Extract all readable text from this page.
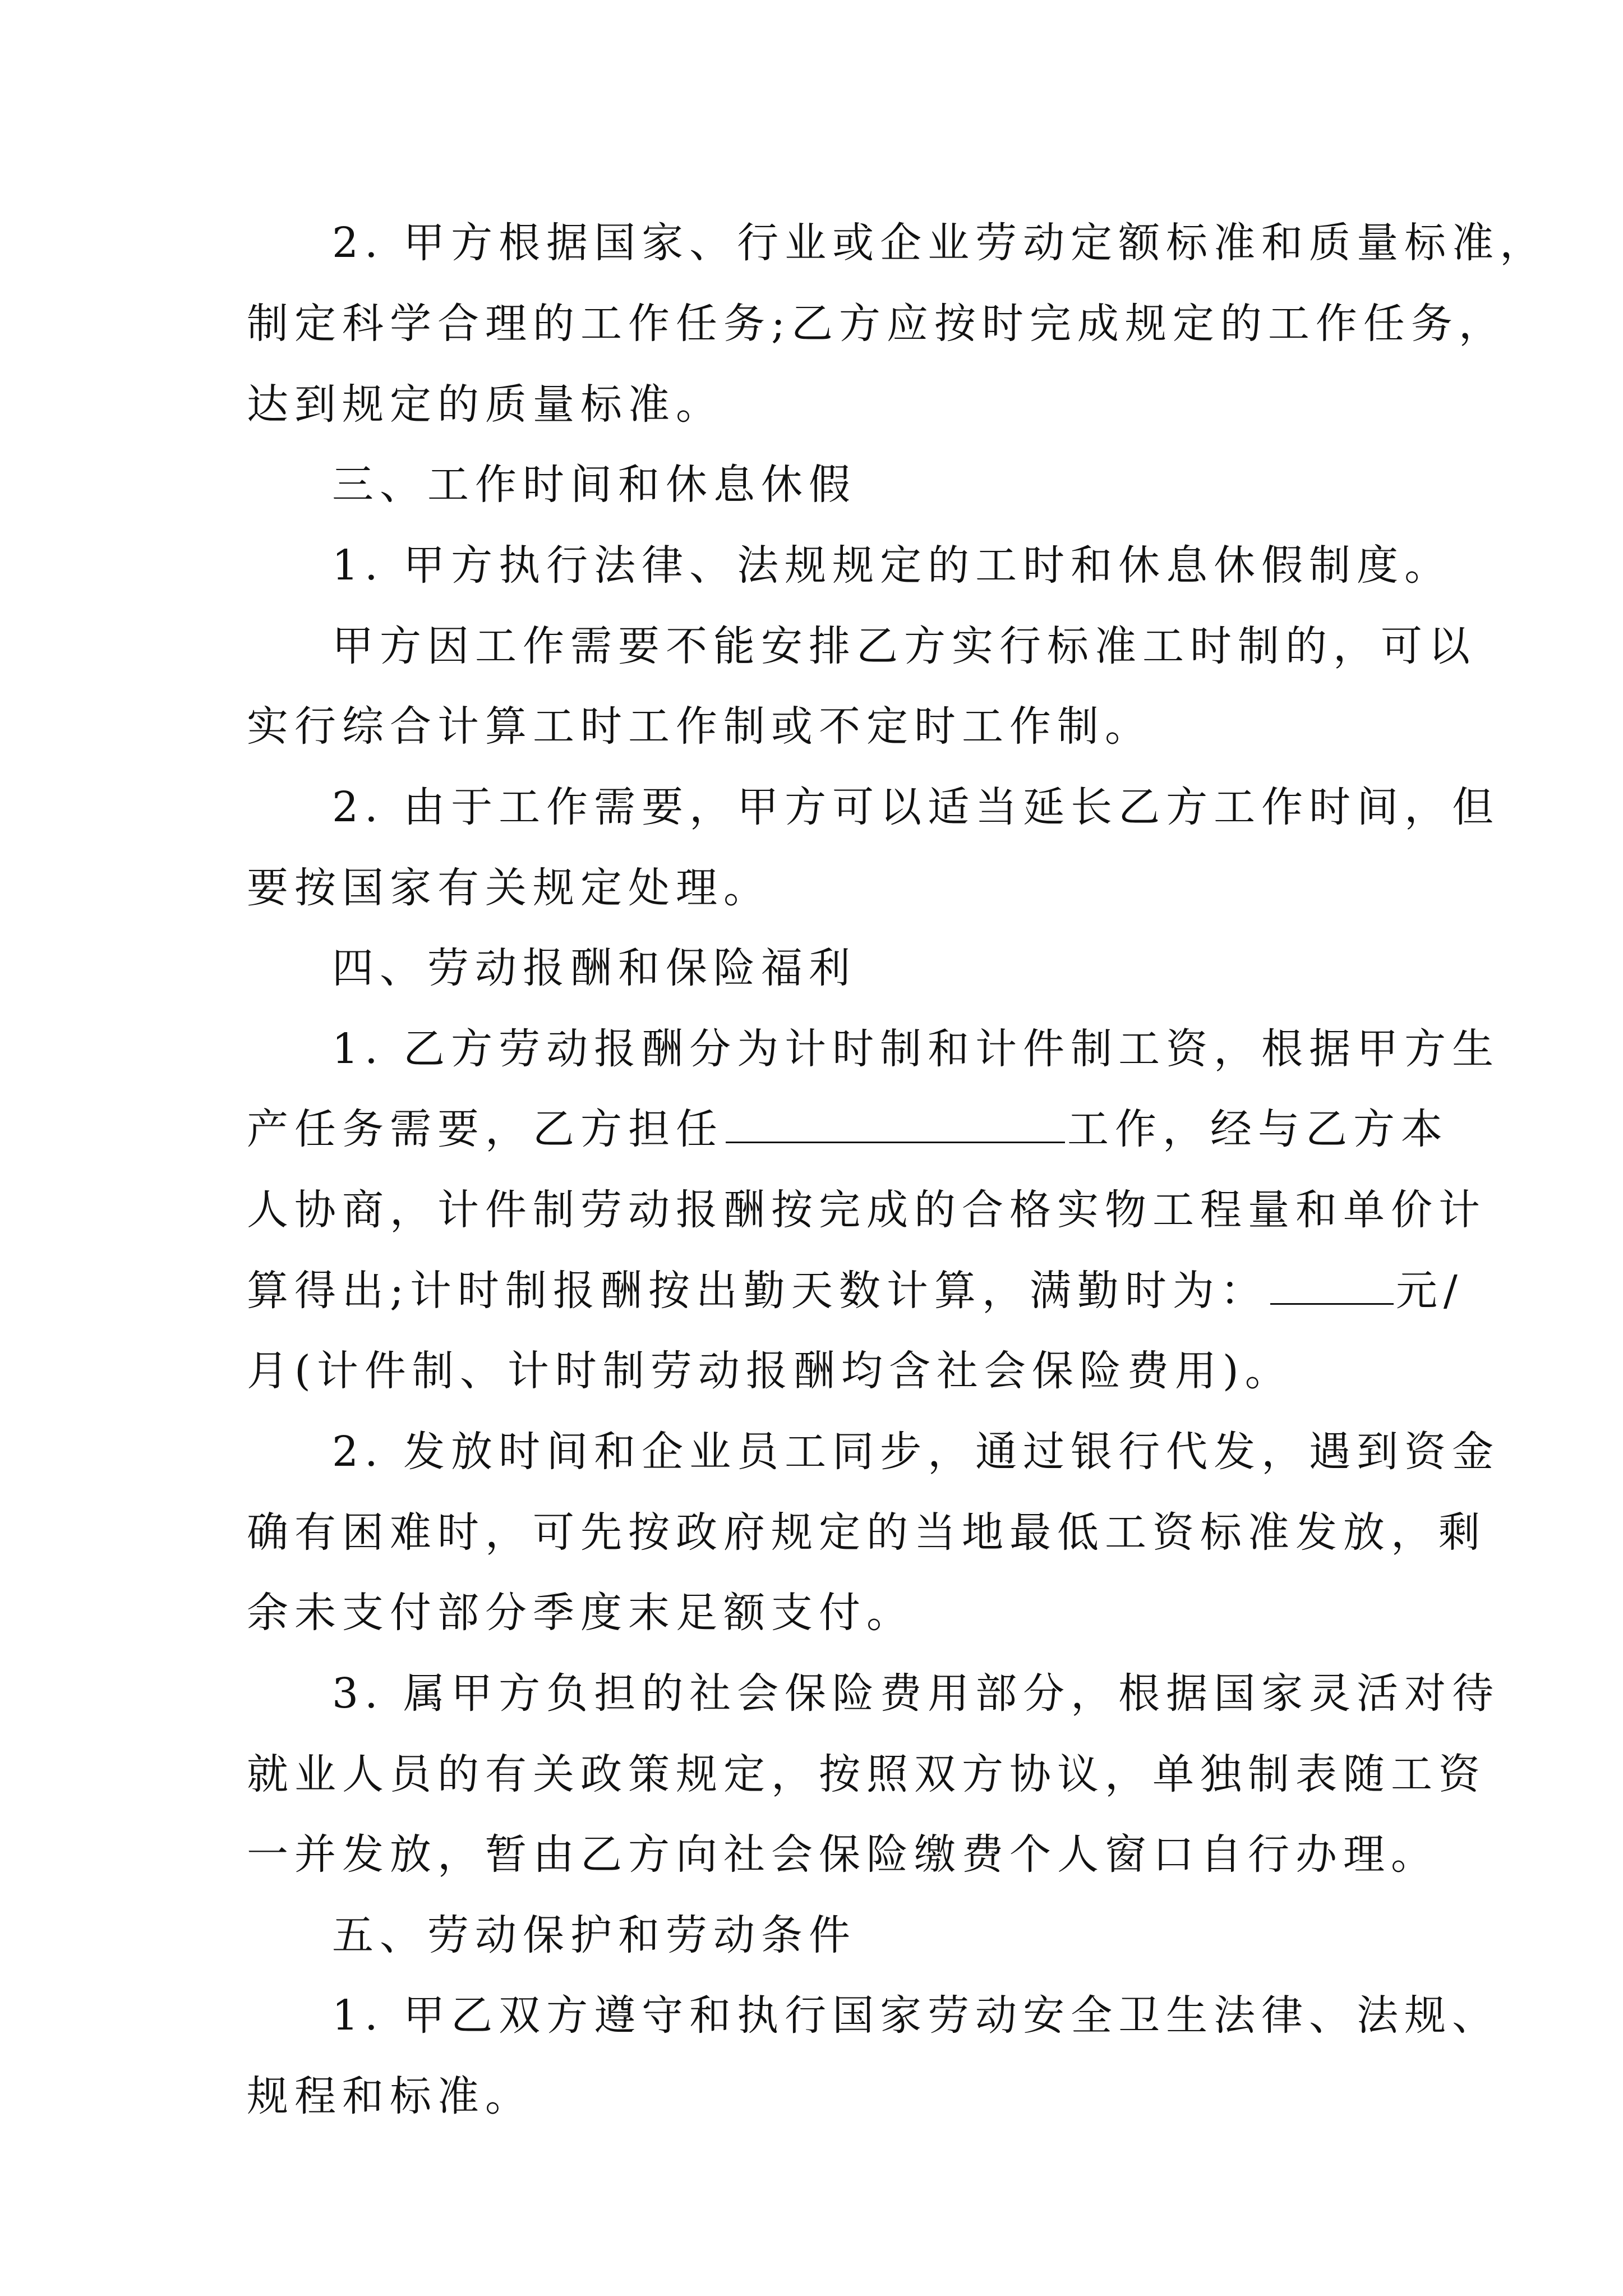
2. 甲方根据国家、行业或企业劳动定额标准和质量标准，
制定科学合理的工作任务;乙方应按时完成规定的工作任务，
达到规定的质量标准。
三、工作时间和休息休假
1. 甲方执行法律、法规规定的工时和休息休假制度。
甲方因工作需要不能安排乙方实行标准工时制的，可以
实行综合计算工时工作制或不定时工作制。
2. 由于工作需要，甲方可以适当延长乙方工作时间，但
要按国家有关规定处理。
四、劳动报酬和保险福利
1. 乙方劳动报酬分为计时制和计件制工资，根据甲方生
产任务需要，乙方担任	工作，经与乙方本
人协商，计件制劳动报酬按完成的合格实物工程量和单价计
算得出;计时制报酬按出勤天数计算，满勤时为：	元/
月(计件制、计时制劳动报酬均含社会保险费用)。
2. 发放时间和企业员工同步，通过银行代发，遇到资金
确有困难时，可先按政府规定的当地最低工资标准发放，剩
余未支付部分季度末足额支付。
3. 属甲方负担的社会保险费用部分，根据国家灵活对待
就业人员的有关政策规定，按照双方协议，单独制表随工资
一并发放，暂由乙方向社会保险缴费个人窗口自行办理。
五、劳动保护和劳动条件
1. 甲乙双方遵守和执行国家劳动安全卫生法律、法规、
规程和标准。
